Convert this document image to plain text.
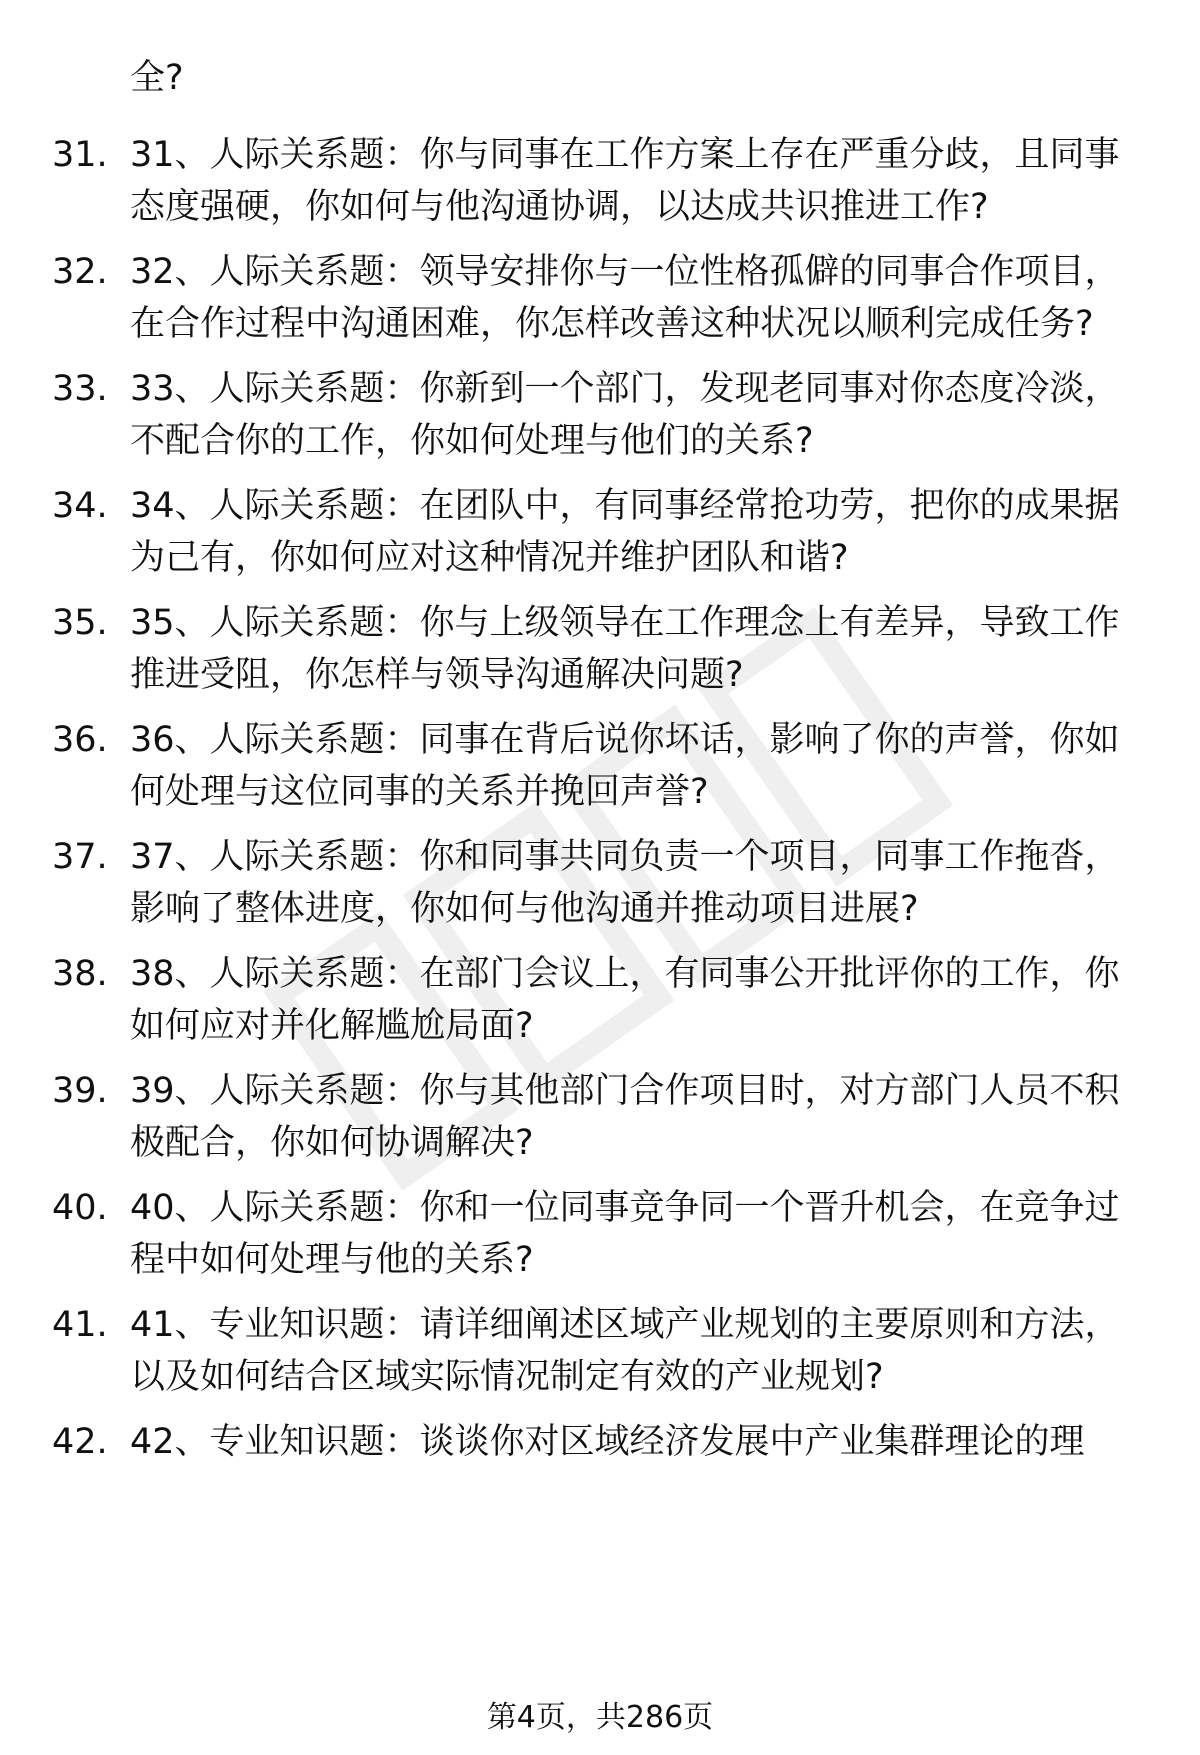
全?
31. 31、人际关系题：你与同事在工作方案上存在严重分歧，且同事
态度强硬，你如何与他沟通协调，以达成共识推进工作?
32. 32、人际关系题：领导安排你与一位性格孤僻的同事合作项目，
在合作过程中沟通困难，你怎样改善这种状况以顺利完成任务?
33. 33、人际关系题：你新到一个部门，发现老同事对你态度冷淡，
不配合你的工作，你如何处理与他们的关系?
34. 34、人际关系题：在团队中，有同事经常抢功劳，把你的成果据
为己有，你如何应对这种情况并维护团队和谐?
35. 35、人际关系题：你与上级领导在工作理念上有差异，导致工作
推进受阻，你怎样与领导沟通解决问题?
36. 36、人际关系题：同事在背后说你坏话，影响了你的声誉，你如
何处理与这位同事的关系并挽回声誉?
37. 37、人际关系题：你和同事共同负责一个项目，同事工作拖沓，
影响了整体进度，你如何与他沟通并推动项目进展?
38. 38、人际关系题：在部门会议上，有同事公开批评你的工作，你
如何应对并化解尴尬局面?
39. 39、人际关系题：你与其他部门合作项目时，对方部门人员不积
极配合，你如何协调解决?
40. 40、人际关系题：你和一位同事竞争同一个晋升机会，在竞争过
程中如何处理与他的关系?
41. 41、专业知识题：请详细阐述区域产业规划的主要原则和方法，
以及如何结合区域实际情况制定有效的产业规划?
42. 42、专业知识题：谈谈你对区域经济发展中产业集群理论的理
第4页，共286页
